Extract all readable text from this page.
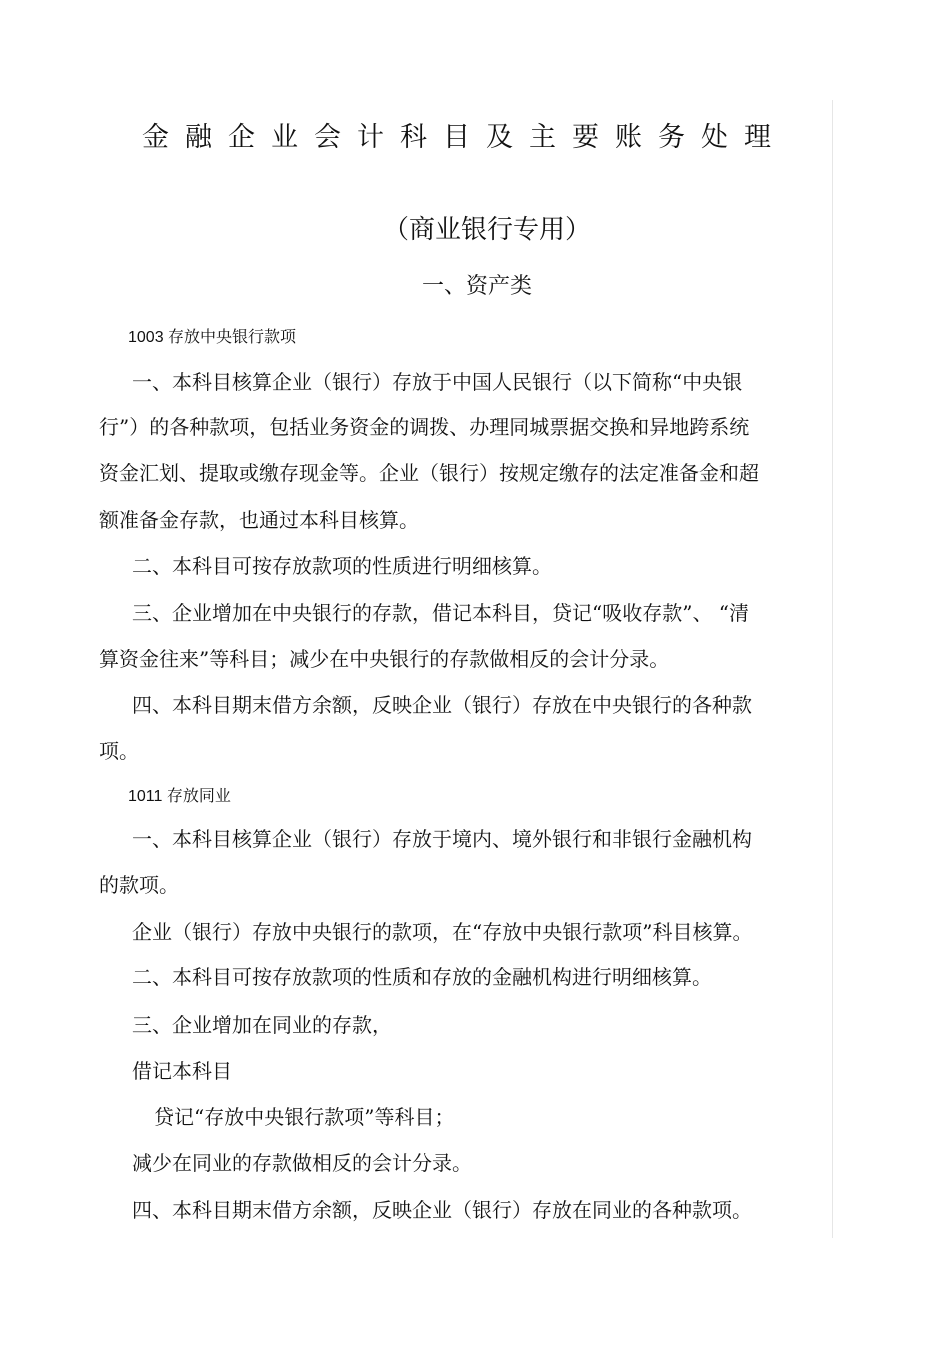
金融企业会计科目及主要账务处理
（商业银行专用）
一、资产类
1003 存放中央银行款项
一、本科目核算企业（银行）存放于中国人民银行（以下简称“中央银
行”）的各种款项，包括业务资金的调拨、办理同城票据交换和异地跨系统
资金汇划、提取或缴存现金等。企业（银行）按规定缴存的法定准备金和超
额准备金存款，也通过本科目核算。
二、本科目可按存放款项的性质进行明细核算。
三、企业增加在中央银行的存款，借记本科目，贷记“吸收存款”、 “清
算资金往来”等科目；减少在中央银行的存款做相反的会计分录。
四、本科目期末借方余额，反映企业（银行）存放在中央银行的各种款
项。
1011 存放同业
一、本科目核算企业（银行）存放于境内、境外银行和非银行金融机构
的款项。
企业（银行）存放中央银行的款项，在“存放中央银行款项”科目核算。
二、本科目可按存放款项的性质和存放的金融机构进行明细核算。
三、企业增加在同业的存款，
借记本科目
贷记“存放中央银行款项”等科目；
减少在同业的存款做相反的会计分录。
四、本科目期末借方余额，反映企业（银行）存放在同业的各种款项。
